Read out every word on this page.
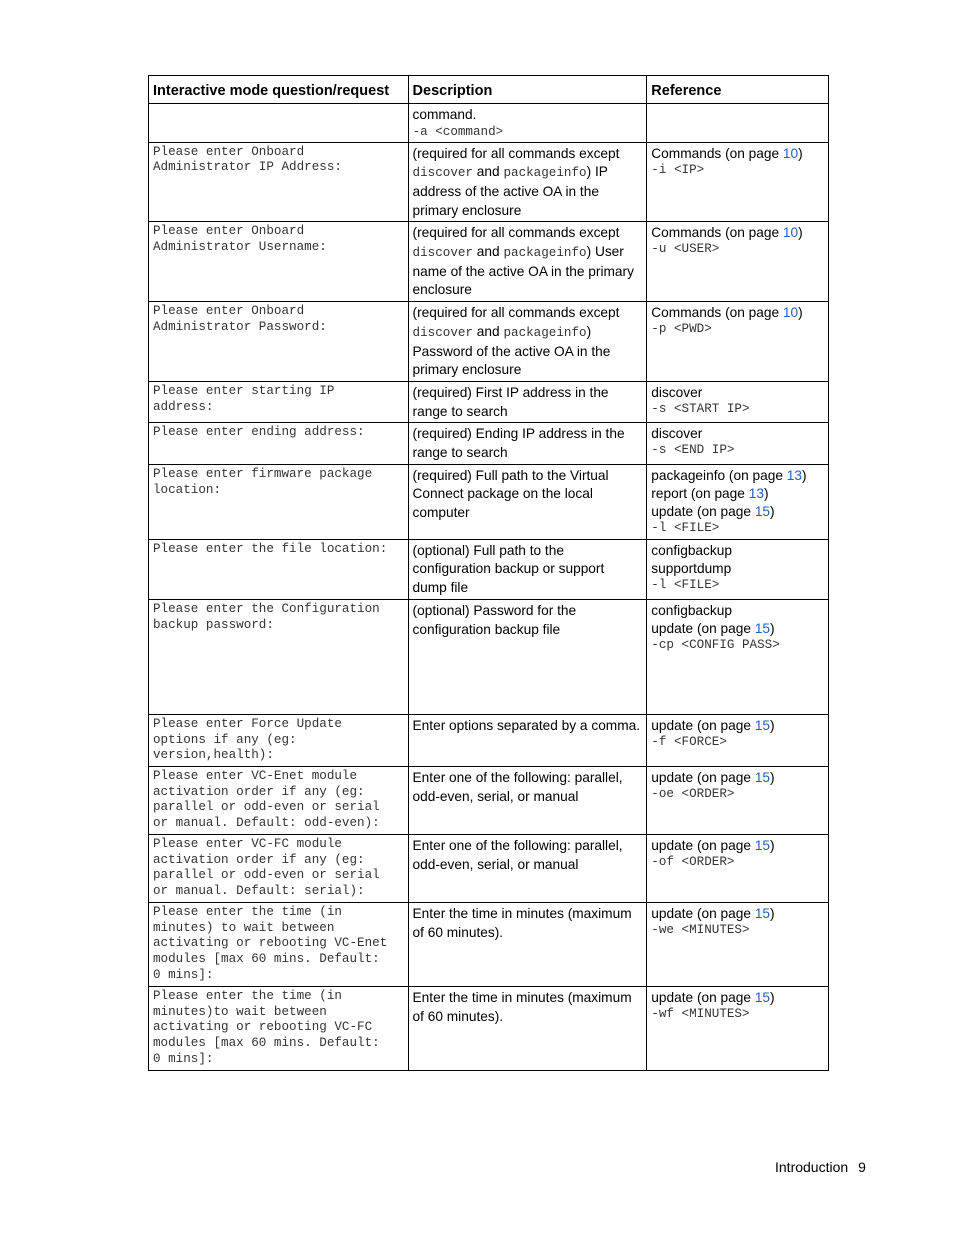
Interactive mode question/request	Description	Reference

	command.
-a <command>	

Please enter Onboard
Administrator IP Address:	(required for all commands except discover and packageinfo) IP address of the active OA in the primary enclosure	Commands (on page 10)
-i <IP>

Please enter Onboard
Administrator Username:	(required for all commands except discover and packageinfo) User name of the active OA in the primary enclosure	Commands (on page 10)
-u <USER>

Please enter Onboard
Administrator Password:	(required for all commands except discover and packageinfo) Password of the active OA in the primary enclosure	Commands (on page 10)
-p <PWD>

Please enter starting IP
address:	(required) First IP address in the range to search	discover
-s <START IP>

Please enter ending address:	(required) Ending IP address in the range to search	discover
-s <END IP>

Please enter firmware package
location:	(required) Full path to the Virtual Connect package on the local computer	packageinfo (on page 13)
report (on page 13)
update (on page 15)
-l <FILE>

Please enter the file location:	(optional) Full path to the configuration backup or support dump file	configbackup
supportdump
-l <FILE>

Please enter the Configuration
backup password:	(optional) Password for the configuration backup file	configbackup
update (on page 15)
-cp <CONFIG PASS>

Please enter Force Update
options if any (eg:
version,health):	Enter options separated by a comma.	update (on page 15)
-f <FORCE>

Please enter VC-Enet module
activation order if any (eg:
parallel or odd-even or serial
or manual. Default: odd-even):	Enter one of the following: parallel, odd-even, serial, or manual	update (on page 15)
-oe <ORDER>

Please enter VC-FC module
activation order if any (eg:
parallel or odd-even or serial
or manual. Default: serial):	Enter one of the following: parallel, odd-even, serial, or manual	update (on page 15)
-of <ORDER>

Please enter the time (in
minutes) to wait between
activating or rebooting VC-Enet
modules [max 60 mins. Default:
0 mins]:	Enter the time in minutes (maximum of 60 minutes).	update (on page 15)
-we <MINUTES>

Please enter the time (in
minutes)to wait between
activating or rebooting VC-FC
modules [max 60 mins. Default:
0 mins]:	Enter the time in minutes (maximum of 60 minutes).	update (on page 15)
-wf <MINUTES>
Introduction 9
